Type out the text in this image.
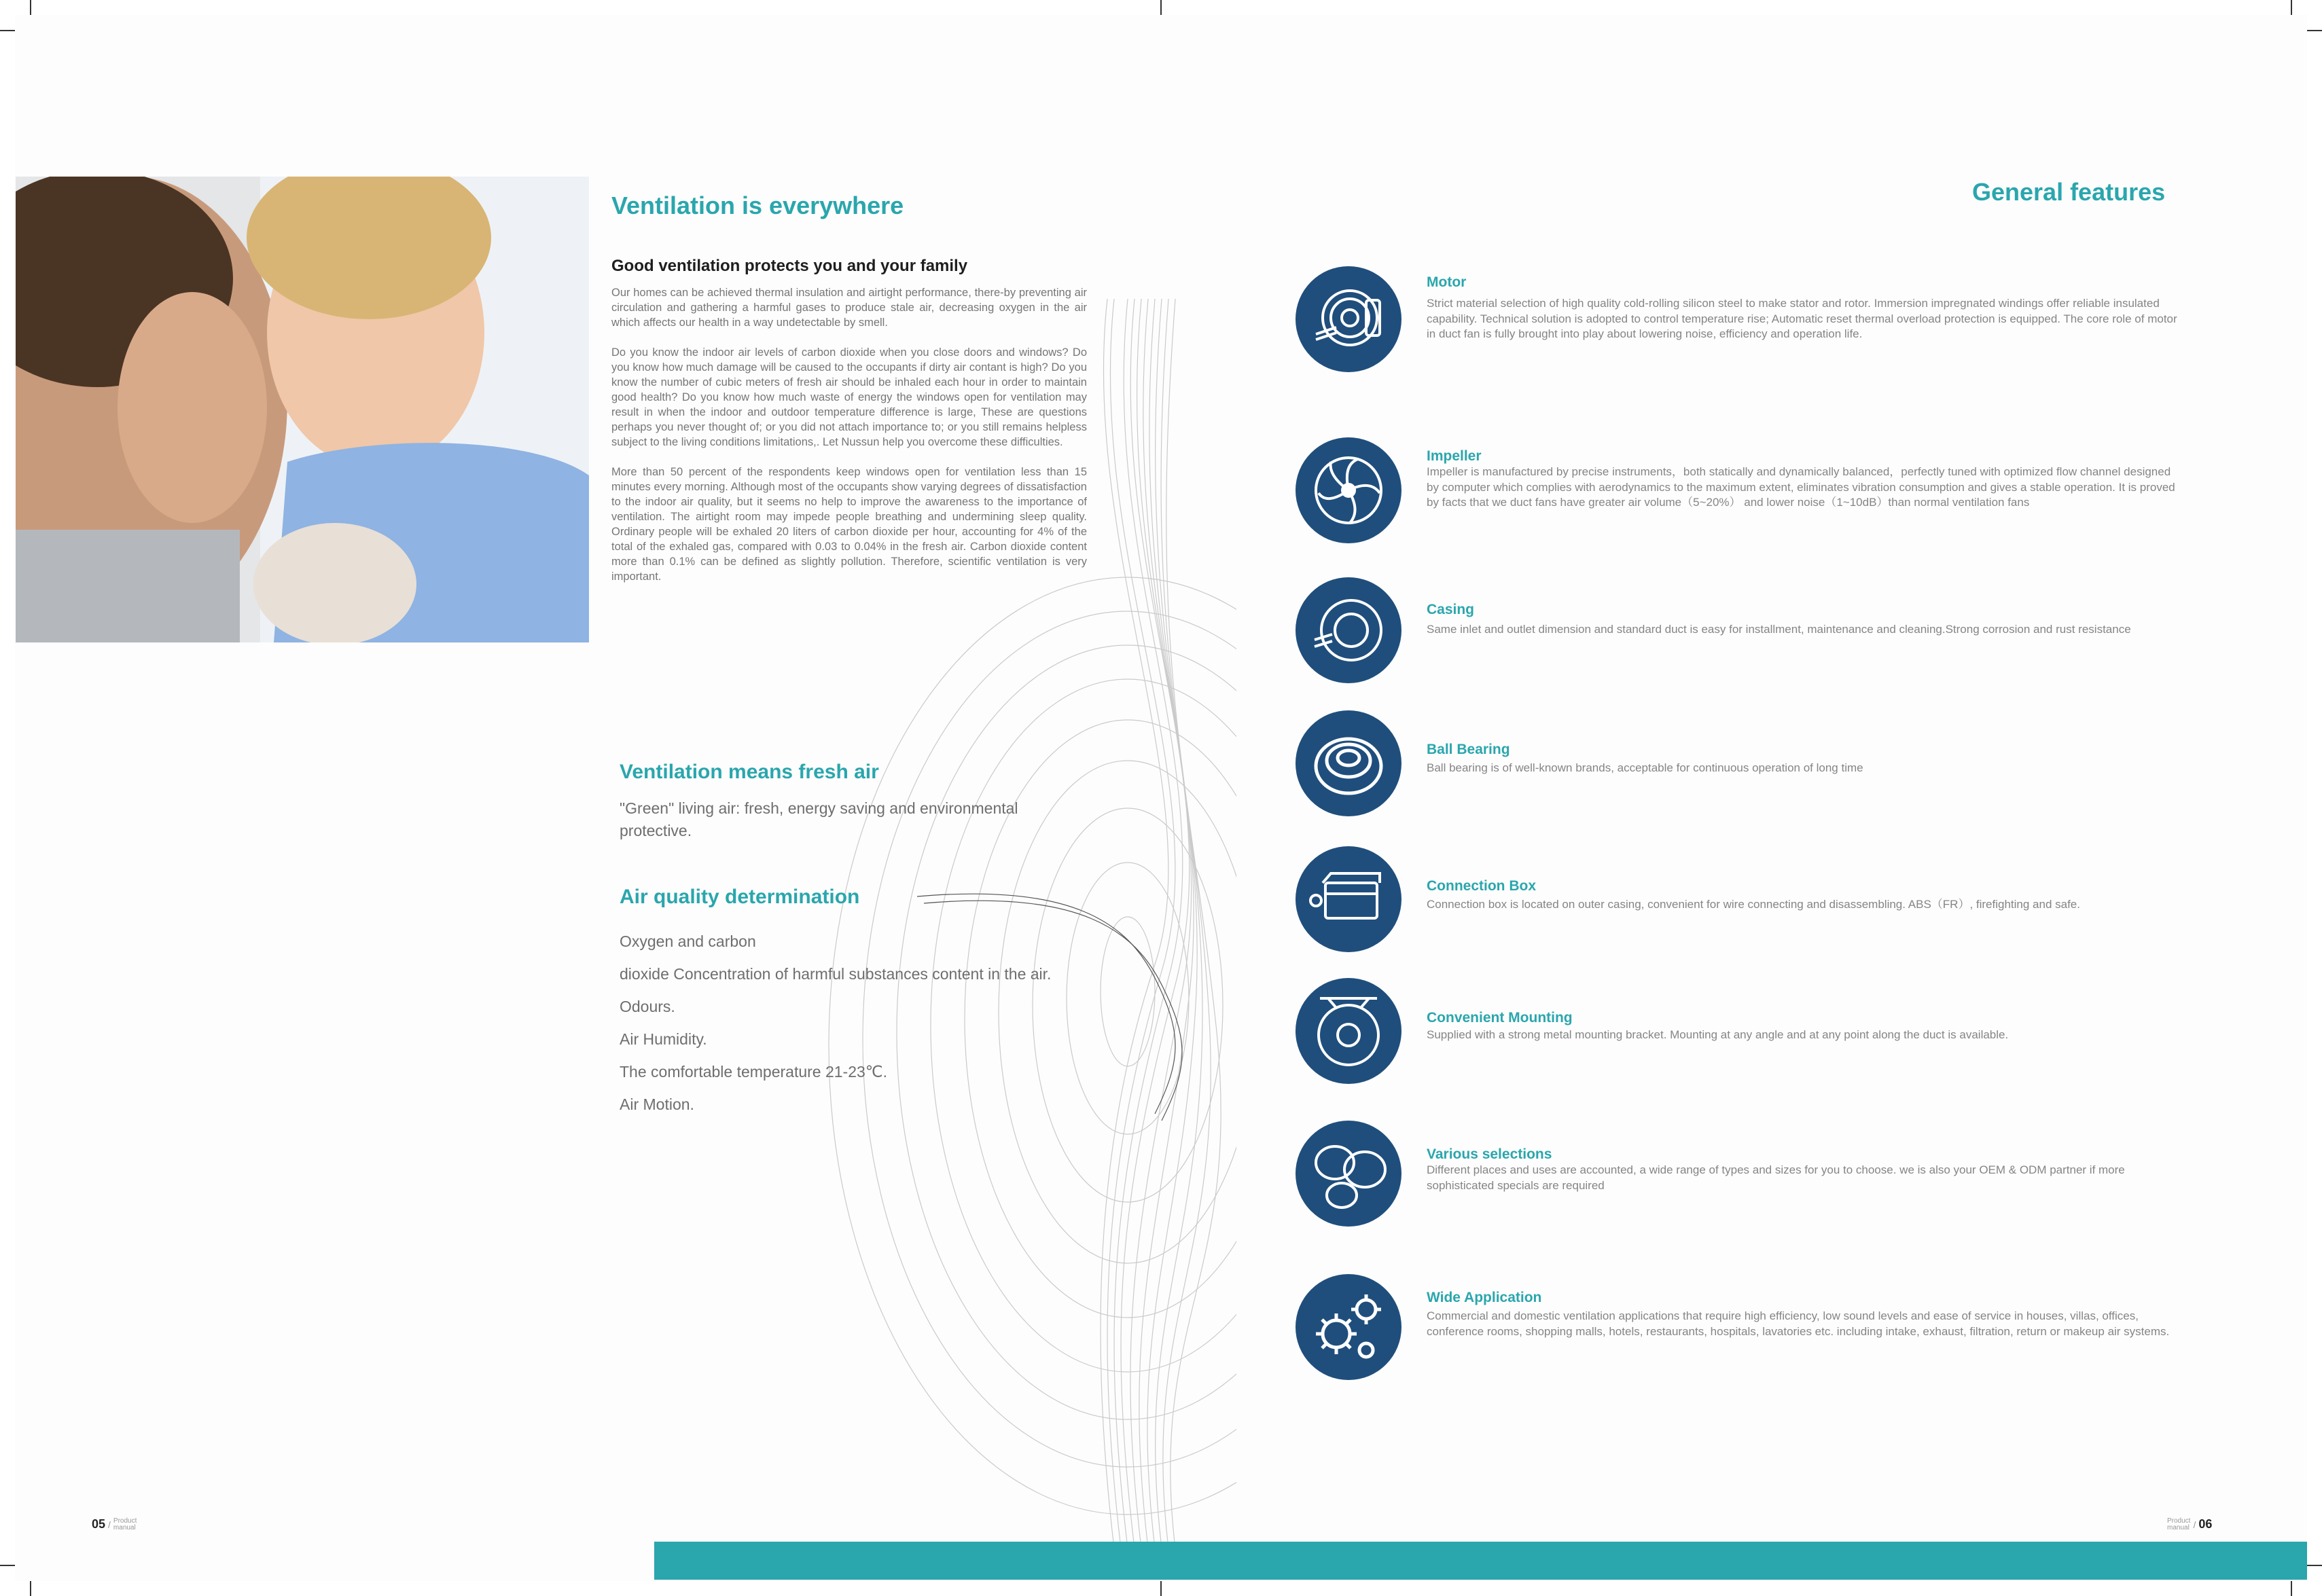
Ventilation is everywhere
Good ventilation protects you and your family

Our homes can be achieved thermal insulation and airtight performance, there-by preventing air circulation and gathering a harmful gases to produce stale air, decreasing oxygen in the air which affects our health in a way undetectable by smell.

Do you know the indoor air levels of carbon dioxide when you close doors and windows? Do you know how much damage will be caused to the occupants if dirty air contant is high? Do you know the number of cubic meters of fresh air should be inhaled each hour in order to maintain good health? Do you know how much waste of energy the windows open for ventilation may result in when the indoor and outdoor temperature difference is large, These are questions perhaps you never thought of; or you did not attach importance to; or you still remains helpless subject to the living conditions limitations,. Let Nussun help you overcome these difficulties.

More than 50 percent of the respondents keep windows open for ventilation less than 15 minutes every morning. Although most of the occupants show varying degrees of dissatisfaction to the indoor air quality, but it seems no help to improve the awareness to the importance of ventilation. The airtight room may impede people breathing and undermining sleep quality. Ordinary people will be exhaled 20 liters of carbon dioxide per hour, accounting for 4% of the total of the exhaled gas, compared with 0.03 to 0.04% in the fresh air. Carbon dioxide content more than 0.1% can be defined as slightly pollution. Therefore, scientific ventilation is very important.

Ventilation means fresh air
"Green" living air: fresh, energy saving and environmental protective.
Air quality determination
Oxygen and carbon
dioxide Concentration of harmful substances content in the air.
Odours.
Air Humidity.
The comfortable temperature 21-23℃.
Air Motion.
05 / Product
manual
General features
Motor
Strict material selection of high quality cold-rolling silicon steel to make stator and rotor. Immersion impregnated windings offer reliable insulated capability. Technical solution is adopted to control temperature rise; Automatic reset thermal overload protection is equipped. The core role of motor in duct fan is fully brought into play about lowering noise, efficiency and operation life.
Impeller
Impeller is manufactured by precise instruments，both statically and dynamically balanced，perfectly tuned with optimized flow channel designed by computer which complies with aerodynamics to the maximum extent, eliminates vibration consumption and gives a stable operation. It is proved by facts that we duct fans have greater air volume（5~20%） and lower noise（1~10dB）than normal ventilation fans
Casing
Same inlet and outlet dimension and standard duct is easy for installment, maintenance and cleaning.Strong corrosion and rust resistance
Ball Bearing
Ball bearing is of well-known brands, acceptable for continuous operation of long time
Connection Box
Connection box is located on outer casing, convenient for wire connecting and disassembling. ABS（FR）, firefighting and safe.
Convenient Mounting
Supplied with a strong metal mounting bracket. Mounting at any angle and at any point along the duct is available.
Various selections
Different places and uses are accounted, a wide range of types and sizes for you to choose. we is also your OEM & ODM partner if more sophisticated specials are required
Wide Application
Commercial and domestic ventilation applications that require high efficiency, low sound levels and ease of service in houses, villas, offices, conference rooms, shopping malls, hotels, restaurants, hospitals, lavatories etc. including intake, exhaust, filtration, return or makeup air systems.
Product
manual / 06
